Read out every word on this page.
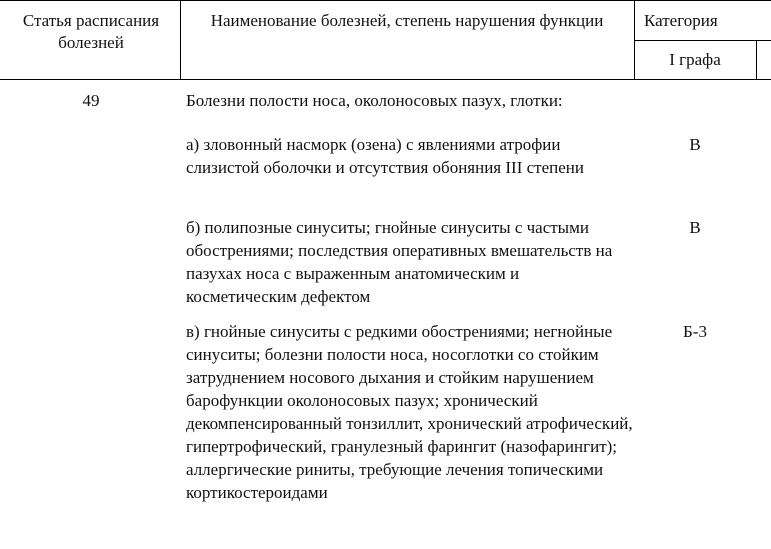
Статья расписания болезней
Наименование болезней, степень нарушения функции	Категория
I графа
49	Болезни полости носа, околоносовых пазух, глотки:
а) зловонный насморк (озена) с явлениями атрофии слизистой оболочки и отсутствия обоняния III степени
В
б) полипозные синуситы; гнойные синуситы с частыми обострениями; последствия оперативных вмешательств на пазухах носа с выраженным анатомическим и косметическим дефектом
В
в) гнойные синуситы с редкими обострениями; негнойные синуситы; болезни полости носа, носоглотки со стойким затруднением носового дыхания и стойким нарушением барофункции околоносовых пазух; хронический декомпенсированный тонзиллит, хронический атрофический, гипертрофический, гранулезный фарингит (назофарингит); аллергические риниты, требующие лечения топическими кортикостероидами
Б-3
